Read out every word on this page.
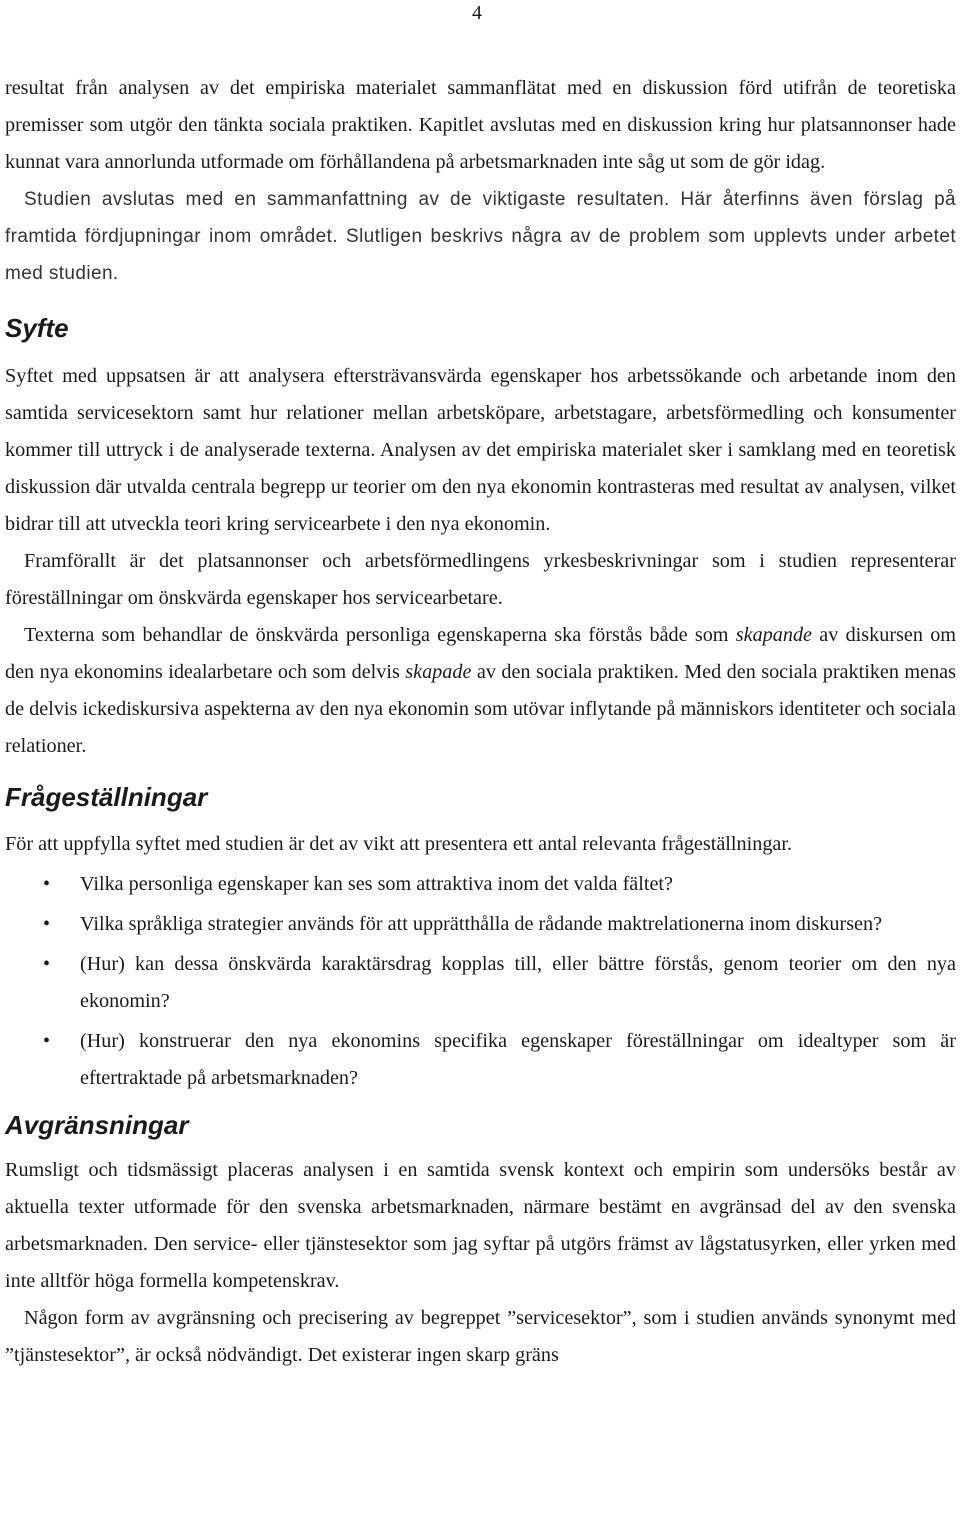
4

resultat från analysen av det empiriska materialet sammanflätat med en diskussion förd utifrån de teoretiska premisser som utgör den tänkta sociala praktiken. Kapitlet avslutas med en diskussion kring hur platsannonser hade kunnat vara annorlunda utformade om förhållandena på arbetsmarknaden inte såg ut som de gör idag.

Studien avslutas med en sammanfattning av de viktigaste resultaten. Här återfinns även förslag på framtida fördjupningar inom området. Slutligen beskrivs några av de problem som upplevts under arbetet med studien.

Syfte

Syftet med uppsatsen är att analysera eftersträvansvärda egenskaper hos arbetssökande och arbetande inom den samtida servicesektorn samt hur relationer mellan arbetsköpare, arbetstagare, arbetsförmedling och konsumenter kommer till uttryck i de analyserade texterna. Analysen av det empiriska materialet sker i samklang med en teoretisk diskussion där utvalda centrala begrepp ur teorier om den nya ekonomin kontrasteras med resultat av analysen, vilket bidrar till att utveckla teori kring servicearbete i den nya ekonomin.

Framförallt är det platsannonser och arbetsförmedlingens yrkesbeskrivningar som i studien representerar föreställningar om önskvärda egenskaper hos servicearbetare.

Texterna som behandlar de önskvärda personliga egenskaperna ska förstås både som skapande av diskursen om den nya ekonomins idealarbetare och som delvis skapade av den sociala praktiken. Med den sociala praktiken menas de delvis ickediskursiva aspekterna av den nya ekonomin som utövar inflytande på människors identiteter och sociala relationer.

Frågeställningar

För att uppfylla syftet med studien är det av vikt att presentera ett antal relevanta frågeställningar.

• Vilka personliga egenskaper kan ses som attraktiva inom det valda fältet?
• Vilka språkliga strategier används för att upprätthålla de rådande maktrelationerna inom diskursen?
• (Hur) kan dessa önskvärda karaktärsdrag kopplas till, eller bättre förstås, genom teorier om den nya ekonomin?
• (Hur) konstruerar den nya ekonomins specifika egenskaper föreställningar om idealtyper som är eftertraktade på arbetsmarknaden?
Avgränsningar

Rumsligt och tidsmässigt placeras analysen i en samtida svensk kontext och empirin som undersöks består av aktuella texter utformade för den svenska arbetsmarknaden, närmare bestämt en avgränsad del av den svenska arbetsmarknaden. Den service- eller tjänstesektor som jag syftar på utgörs främst av lågstatusyrken, eller yrken med inte alltför höga formella kompetenskrav.

Någon form av avgränsning och precisering av begreppet ”servicesektor”, som i studien används synonymt med ”tjänstesektor”, är också nödvändigt. Det existerar ingen skarp gräns
